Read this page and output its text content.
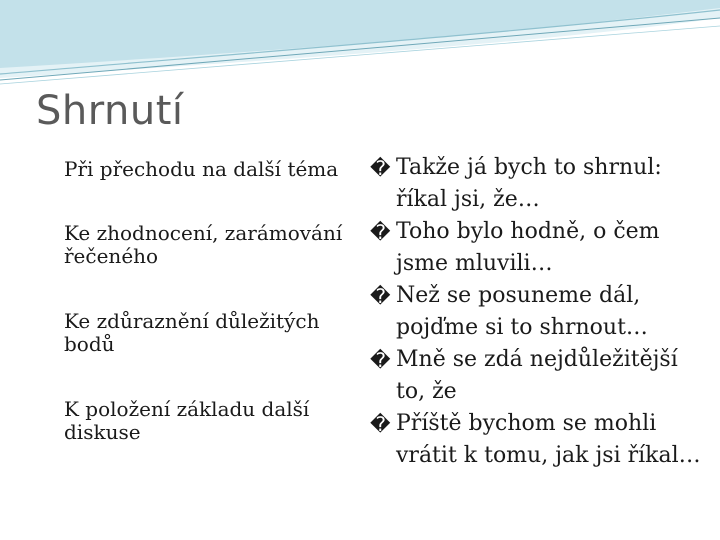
Shrnutí
Při přechodu na další téma
Ke zhodnocení, zarámování řečeného
Ke zdůraznění důležitých bodů
K položení základu další diskuse
� Takže já bych to shrnul: říkal jsi, že…
� Toho bylo hodně, o čem jsme mluvili…
� Než se posuneme dál, pojďme si to shrnout…
� Mně se zdá nejdůležitější to, že
� Příště bychom se mohli vrátit k tomu, jak jsi říkal…
